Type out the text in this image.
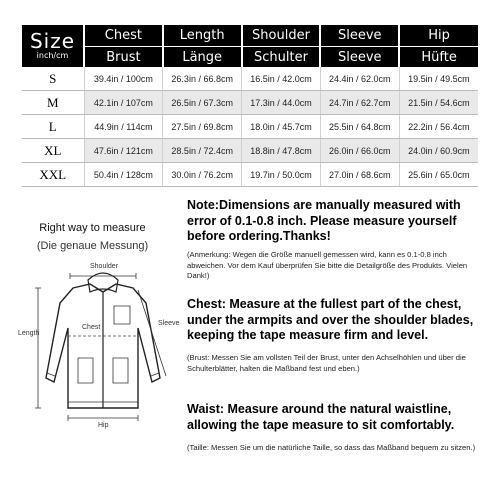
Size
inch/cm	Chest	Length	Shoulder	Sleeve	Hip
	Brust	Länge	Schulter	Sleeve	Hüfte
S	39.4in / 100cm	26.3in / 66.8cm	16.5in / 42.0cm	24.4in / 62.0cm	19.5in / 49.5cm
M	42.1in / 107cm	26.5in / 67.3cm	17.3in / 44.0cm	24.7in / 62.7cm	21.5in / 54.6cm
L	44.9in / 114cm	27.5in / 69.8cm	18.0in / 45.7cm	25.5in / 64.8cm	22.2in / 56.4cm
XL	47.6in / 121cm	28.5in / 72.4cm	18.8in / 47.8cm	26.0in / 66.0cm	24.0in / 60.9cm
XXL	50.4in / 128cm	30.0in / 76.2cm	19.7in / 50.0cm	27.0in / 68.6cm	25.6in / 65.0cm
Right way to measure
(Die genaue Messung)
Shoulder
Length
Chest
Sleeve
Hip
Note:Dimensions are manually measured with error of 0.1-0.8 inch. Please measure yourself before ordering.Thanks!
(Anmerkung: Wegen die Größe manuell gemessen wird, kann es 0.1-0.8 inch abweichen. Vor dem Kauf überprüfen Sie bitte die Detailgröße des Produkts. Vielen Dank!)
Chest: Measure at the fullest part of the chest, under the armpits and over the shoulder blades, keeping the tape measure firm and level.
(Brust: Messen Sie am vollsten Teil der Brust, unter den Achselhöhlen und über die Schulterblätter, halten die Maßband fest und eben.)
Waist: Measure around the natural waistline, allowing the tape measure to sit comfortably.
(Taille: Messen Sie um die natürliche Taille, so dass das Maßband bequem zu sitzen.)
